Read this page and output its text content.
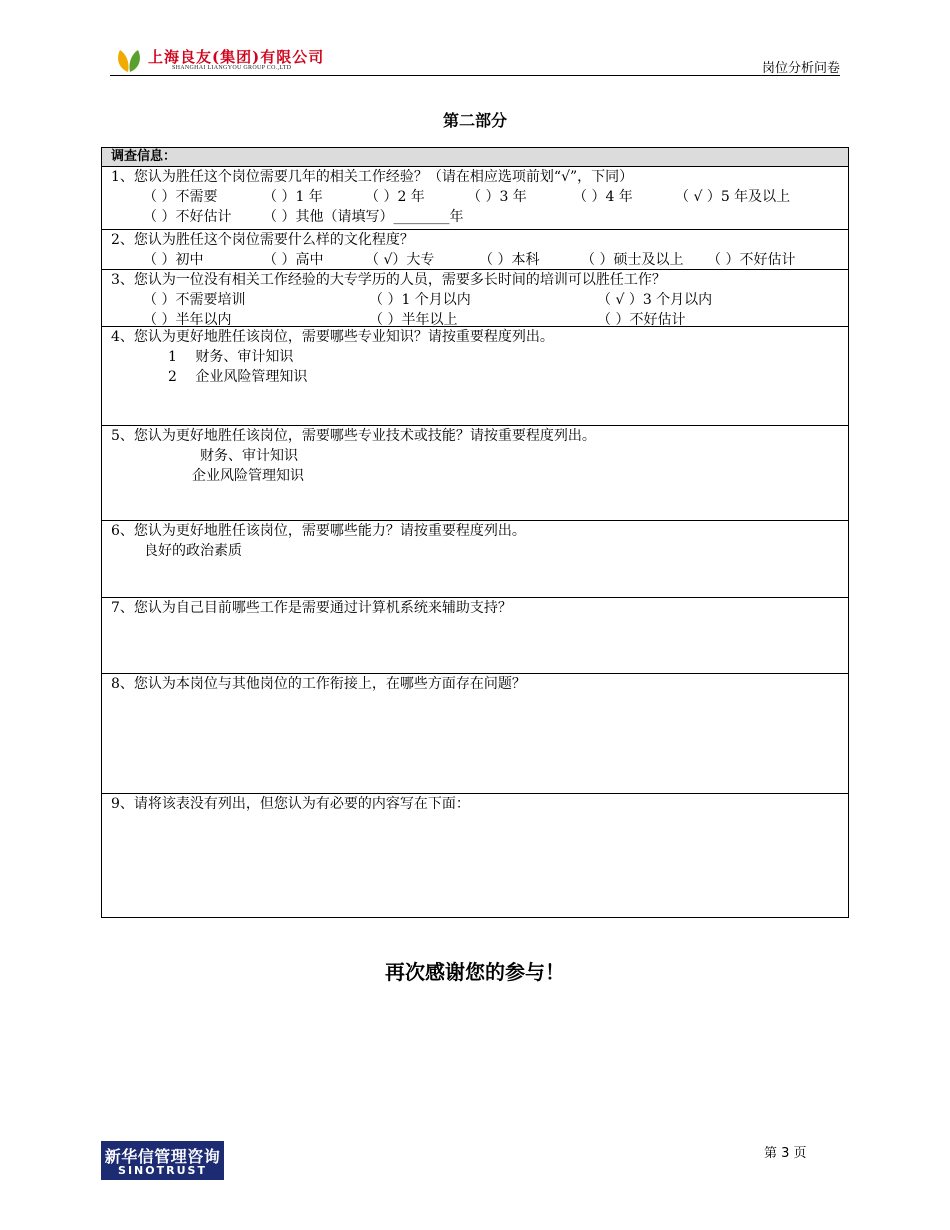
上海良友(集团)有限公司
SHANGHAI LIANGYOU GROUP CO.,LTD	岗位分析问卷
第二部分
调查信息：
1、您认为胜任这个岗位需要几年的相关工作经验？（请在相应选项前划“√”，下同）
（ ）不需要	（ ）1 年	（ ）2 年	（ ）3 年	（ ）4 年	（ √ ）5 年及以上
（ ）不好估计 （ ）其他（请填写）________年
2、您认为胜任这个岗位需要什么样的文化程度？
（ ）初中	（ ）高中	（ √）大专	（ ）本科	（ ）硕士及以上 （ ）不好估计
3、您认为一位没有相关工作经验的大专学历的人员，需要多长时间的培训可以胜任工作？
（ ）不需要培训	（ ）1 个月以内	（ √ ）3 个月以内
（ ）半年以内	（ ）半年以上	（ ）不好估计
4、您认为更好地胜任该岗位，需要哪些专业知识？请按重要程度列出。
1　 财务、审计知识
2　 企业风险管理知识
5、您认为更好地胜任该岗位，需要哪些专业技术或技能？请按重要程度列出。
财务、审计知识
企业风险管理知识
6、您认为更好地胜任该岗位，需要哪些能力？请按重要程度列出。
良好的政治素质
7、您认为自己目前哪些工作是需要通过计算机系统来辅助支持？
8、您认为本岗位与其他岗位的工作衔接上，在哪些方面存在问题？
9、请将该表没有列出，但您认为有必要的内容写在下面：
再次感谢您的参与！
新华信管理咨询
SINOTRUST
第 3 页
